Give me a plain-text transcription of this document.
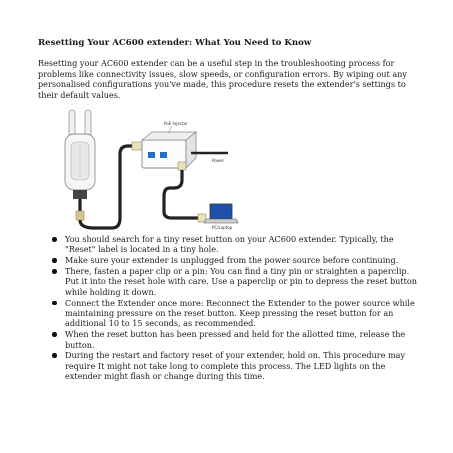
Resetting Your AC600 extender: What You Need to Know
Resetting your AC600 extender can be a useful step in the troubleshooting process for problems like connectivity issues, slow speeds, or configuration errors. By wiping out any personalised configurations you've made, this procedure resets the extender's settings to their default values.
PoE Injector
Power
PC/Laptop
You should search for a tiny reset button on your AC600 extender. Typically, the "Reset" label is located in a tiny hole.
Make sure your extender is unplugged from the power source before continuing.
There, fasten a paper clip or a pin: You can find a tiny pin or straighten a paperclip. Put it into the reset hole with care. Use a paperclip or pin to depress the reset button while holding it down.
Connect the Extender once more: Reconnect the Extender to the power source while maintaining pressure on the reset button. Keep pressing the reset button for an additional 10 to 15 seconds, as recommended.
When the reset button has been pressed and held for the allotted time, release the button.
During the restart and factory reset of your extender, hold on. This procedure may require It might not take long to complete this process. The LED lights on the extender might flash or change during this time.
